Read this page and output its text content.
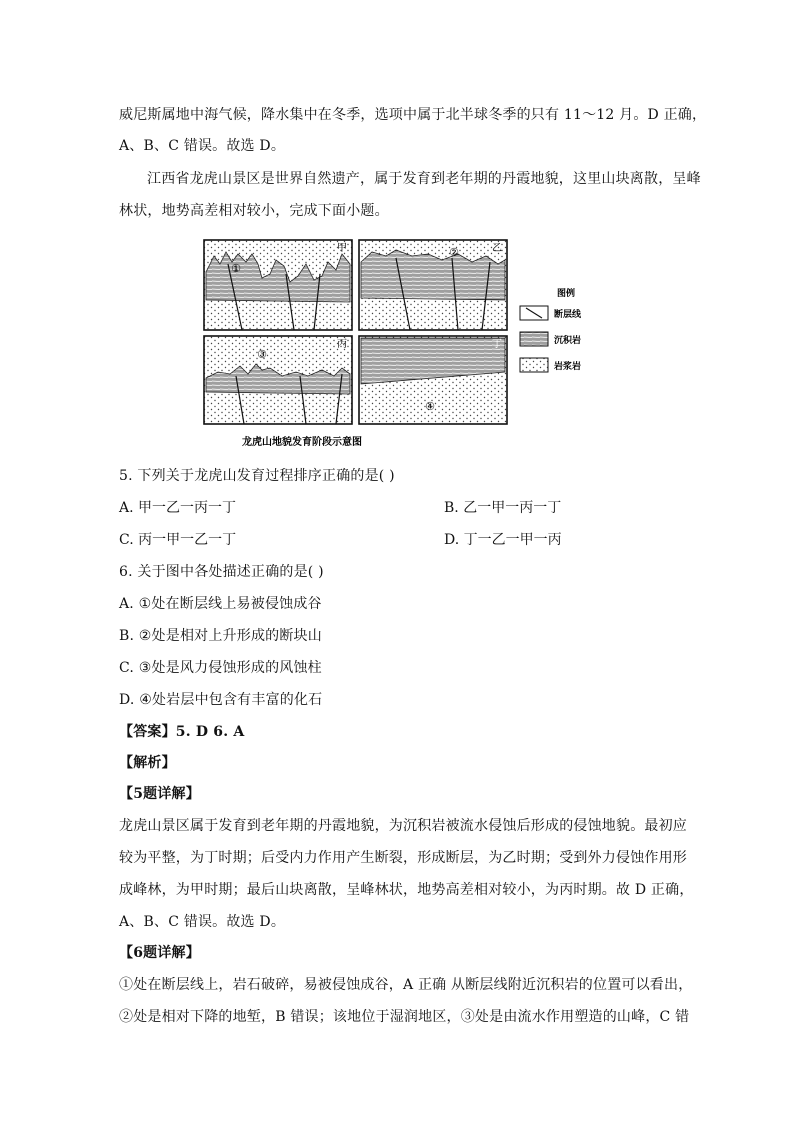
威尼斯属地中海气候，降水集中在冬季，选项中属于北半球冬季的只有 11～12 月。D 正确，
A、B、C 错误。故选 D。
江西省龙虎山景区是世界自然遗产，属于发育到老年期的丹霞地貌，这里山块离散，呈峰
林状，地势高差相对较小，完成下面小题。
甲
①
乙
②
丙
③
丁
④
图例
断层线
沉积岩
岩浆岩
龙虎山地貌发育阶段示意图
5. 下列关于龙虎山发育过程排序正确的是( )
A. 甲一乙一丙一丁	B. 乙一甲一丙一丁
C. 丙一甲一乙一丁	D. 丁一乙一甲一丙
6. 关于图中各处描述正确的是( )
A. ①处在断层线上易被侵蚀成谷
B. ②处是相对上升形成的断块山
C. ③处是风力侵蚀形成的风蚀柱
D. ④处岩层中包含有丰富的化石
【答案】5. D 6. A
【解析】
【5题详解】
龙虎山景区属于发育到老年期的丹霞地貌，为沉积岩被流水侵蚀后形成的侵蚀地貌。最初应
较为平整，为丁时期；后受内力作用产生断裂，形成断层，为乙时期；受到外力侵蚀作用形
成峰林，为甲时期；最后山块离散，呈峰林状，地势高差相对较小，为丙时期。故 D 正确，
A、B、C 错误。故选 D。
【6题详解】
①处在断层线上，岩石破碎，易被侵蚀成谷，A 正确 从断层线附近沉积岩的位置可以看出，
②处是相对下降的地堑，B 错误；该地位于湿润地区，③处是由流水作用塑造的山峰，C 错
